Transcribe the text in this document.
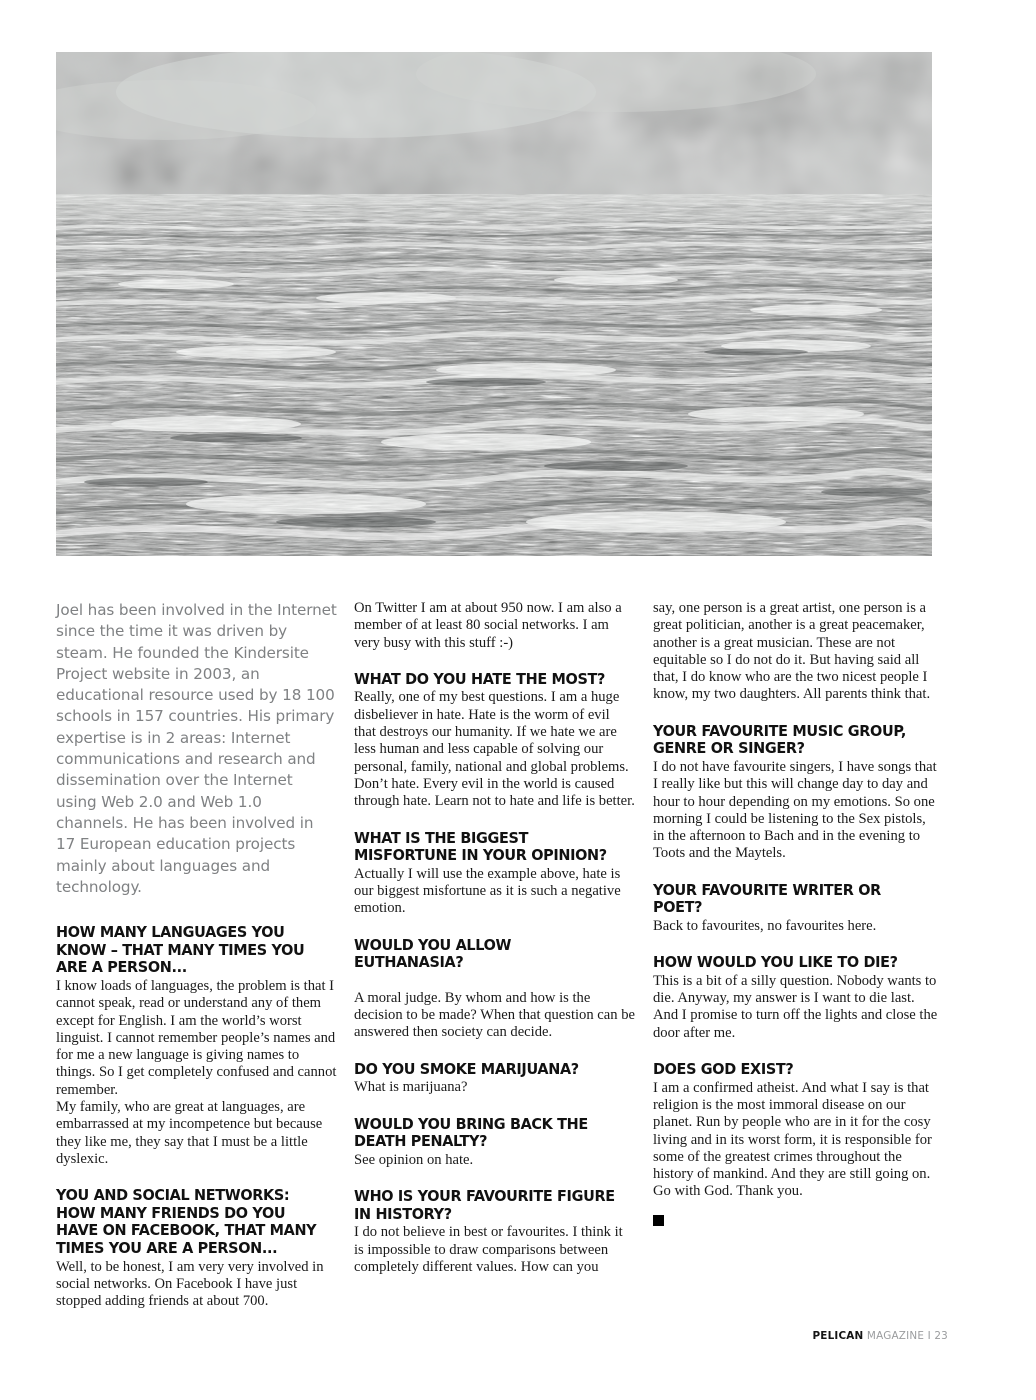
Joel has been involved in the Internet since the time it was driven by steam. He founded the Kindersite Project website in 2003, an educational resource used by 18 100 schools in 157 countries. His primary expertise is in 2 areas: Internet communications and research and dissemination over the Internet using Web 2.0 and Web 1.0 channels. He has been involved in 17 European education projects mainly about languages and technology.

HOW MANY LANGUAGES YOU KNOW – THAT MANY TIMES YOU ARE A PERSON...

I know loads of languages, the problem is that I cannot speak, read or understand any of them except for English. I am the world’s worst linguist. I cannot remember people’s names and for me a new language is giving names to things. So I get completely confused and cannot remember.

My family, who are great at languages, are embarrassed at my incompetence but because they like me, they say that I must be a little dyslexic.

YOU AND SOCIAL NETWORKS: HOW MANY FRIENDS DO YOU HAVE ON FACEBOOK, THAT MANY TIMES YOU ARE A PERSON...

Well, to be honest, I am very very involved in social networks. On Facebook I have just stopped adding friends at about 700.

On Twitter I am at about 950 now. I am also a member of at least 80 social networks. I am very busy with this stuff :-)

WHAT DO YOU HATE THE MOST?

Really, one of my best questions. I am a huge disbeliever in hate. Hate is the worm of evil that destroys our humanity. If we hate we are less human and less capable of solving our personal, family, national and global problems. Don’t hate. Every evil in the world is caused through hate. Learn not to hate and life is better.

WHAT IS THE BIGGEST MISFORTUNE IN YOUR OPINION?

Actually I will use the example above, hate is our biggest misfortune as it is such a negative emotion.

WOULD YOU ALLOW EUTHANASIA?

A moral judge. By whom and how is the decision to be made? When that question can be answered then society can decide.

DO YOU SMOKE MARIJUANA?

What is marijuana?

WOULD YOU BRING BACK THE DEATH PENALTY?

See opinion on hate.

WHO IS YOUR FAVOURITE FIGURE IN HISTORY?

I do not believe in best or favourites. I think it is impossible to draw comparisons between completely different values. How can you

say, one person is a great artist, one person is a great politician, another is a great peacemaker, another is a great musician. These are not equitable so I do not do it. But having said all that, I do know who are the two nicest people I know, my two daughters. All parents think that.

YOUR FAVOURITE MUSIC GROUP, GENRE OR SINGER?

I do not have favourite singers, I have songs that I really like but this will change day to day and hour to hour depending on my emotions. So one morning I could be listening to the Sex pistols, in the afternoon to Bach and in the evening to Toots and the Maytels.

YOUR FAVOURITE WRITER OR POET?

Back to favourites, no favourites here.

HOW WOULD YOU LIKE TO DIE?

This is a bit of a silly question. Nobody wants to die. Anyway, my answer is I want to die last. And I promise to turn off the lights and close the door after me.

DOES GOD EXIST?

I am a confirmed atheist. And what I say is that religion is the most immoral disease on our planet. Run by people who are in it for the cosy living and in its worst form, it is responsible for some of the greatest crimes throughout the history of mankind. And they are still going on. Go with God. Thank you.

PELICAN MAGAZINE I 23
